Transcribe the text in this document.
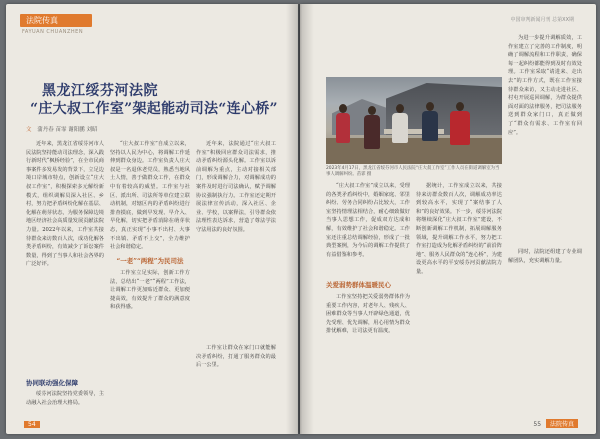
法院传真
FAYUAN CHUANZHEN
黑龙江绥芬河法院
“庄大叔工作室”架起能动司法“连心桥”
文 蒲丹春 苗霏 谢阳鹏 刘昭
近年来，黑龙江省绥芬河市人民法院坚持能动司法理念，深入践行新时代“枫桥经验”，在全市民商事案件多发易发的背景下，立足边境口岸城市特点，创新设立“庄大叔工作室”，积极探索多元解纷新模式，组织调解员深入社区、乡村，努力把矛盾纠纷化解在基层、化解在萌芽状态，为服务保障边境地区经济社会高质量发展贡献法院力量。2022年以来，工作室共接待群众来访数百人次，成功化解各类矛盾纠纷，有效减少了诉讼案件数量，得到了当事人和社会各界的广泛好评。
协同联动强化保障
绥芬河法院坚持党委领导，主动融入社会治理大格局。
“庄大叔工作室”自成立以来，坚持以人民为中心，将调解工作延伸到群众身边。工作室负责人庄大叔是一名退休老党员，熟悉当地风土人情，善于做群众工作，在群众中有着较高的威望。工作室与社区、派出所、司法所等单位建立联动机制，对辖区内的矛盾纠纷进行排查摸底，做到早发现、早介入、早化解，切实把矛盾消除在萌芽状态，真正实现“小事不出村、大事不出镇、矛盾不上交”，全力维护社会和谐稳定。
“一老”“两程”为民司法
工作室立足实际，创新工作方法，总结出“一老”“两程”工作法，让调解工作更加贴近群众、更加便捷高效，有效提升了群众的满意度和获得感。
近年来，法院通过“庄大叔工作室”积极回应群众司法需求，推动矛盾纠纷源头化解。工作室以诉前调解为重点，主动对接相关部门，形成调解合力，对调解成功的案件及时进行司法确认，赋予调解协议强制执行力。工作室还定期开展法律宣传活动，深入社区、企业、学校，以案释法，引导群众依法理性表达诉求，营造了尊法学法守法用法的良好氛围。
工作室让群众在家门口就能解决矛盾纠纷，打通了服务群众的最后一公里。
54
中国审判新闻月刊 总第XX期
2023年4月17日，黑龙江省绥芬河市人民法院“庄大叔工作室”工作人员在街道调解室为当事人调解纠纷。苗霏 摄
为进一步提升调解质效，工作室建立了完善的工作制度，明确了调解流程和工作职责，确保每一起纠纷都能得到及时有效处理。工作室采取“请进来、走出去”的工作方式，既在工作室接待群众来访，又主动走进社区、村屯开展巡回调解，为群众提供面对面的法律服务，把司法服务送到群众家门口，真正做到了“群众有需求、工作室有回应”。
同时，法院还组建了专业调解团队，充实调解力量。
“庄大叔工作室”成立以来，受理的各类矛盾纠纷中，婚姻家庭、邻里纠纷、劳务合同纠纷占比较大，工作室坚持情理法相结合，耐心细致做好当事人思想工作，促成双方达成和解，有效维护了社会和谐稳定。工作室还注重总结调解经验，形成了一批典型案例，为今后的调解工作提供了有益借鉴和参考。
关爱弱势群体温暖民心
工作室坚持把关爱弱势群体作为重要工作内容，对老年人、残疾人、困难群众等当事人开辟绿色通道，优先受理、优先调解，用心用情为群众排忧解难，让司法更有温度。
据统计，工作室成立以来，共接待来访群众数百人次，调解成功率达到较高水平，实现了“案结事了人和”的良好效果。下一步，绥芬河法院将继续深化“庄大叔工作室”建设，不断创新调解工作机制，拓展调解服务领域，提升调解工作水平，努力把工作室打造成为化解矛盾纠纷的“前沿阵地”、服务人民群众的“连心桥”，为建设更高水平的平安绥芬河贡献法院力量。
55 法院传真
